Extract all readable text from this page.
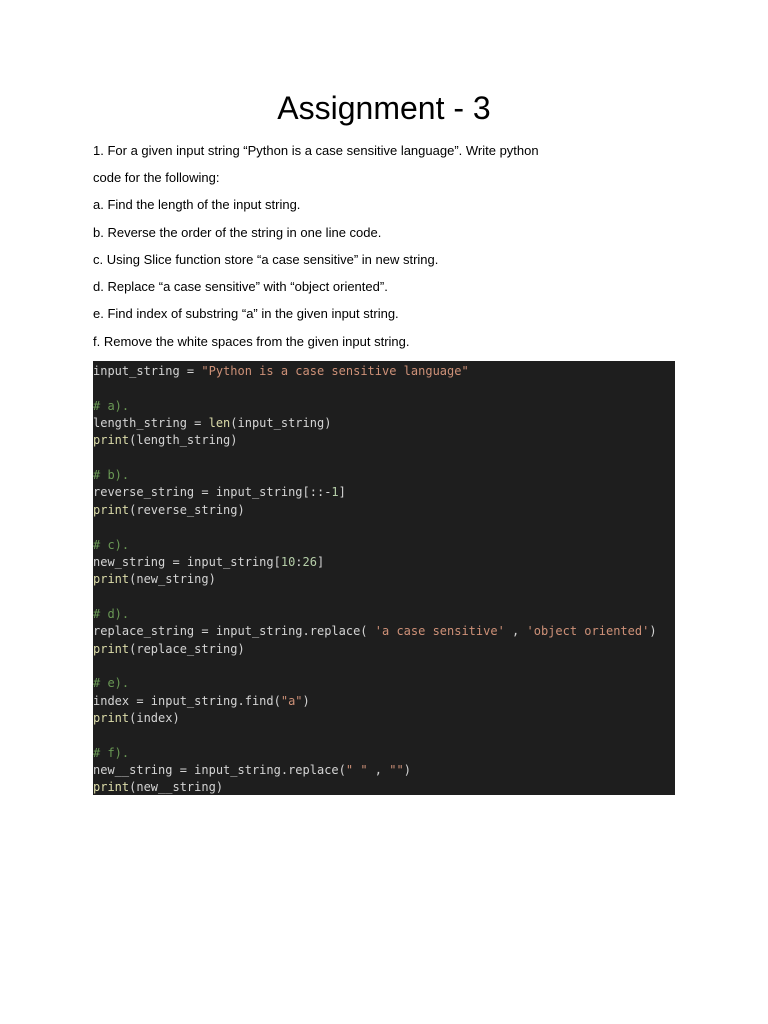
Assignment - 3
1. For a given input string “Python is a case sensitive language”. Write python
code for the following:
a. Find the length of the input string.
b. Reverse the order of the string in one line code.
c. Using Slice function store “a case sensitive” in new string.
d. Replace “a case sensitive” with “object oriented”.
e. Find index of substring “a” in the given input string.
f. Remove the white spaces from the given input string.
input_string = "Python is a case sensitive language"
# a).
length_string = len(input_string)
print(length_string)
# b).
reverse_string = input_string[::-1]
print(reverse_string)
# c).
new_string = input_string[10:26]
print(new_string)
# d).
replace_string = input_string.replace( 'a case sensitive' , 'object oriented')
print(replace_string)
# e).
index = input_string.find("a")
print(index)
# f).
new__string = input_string.replace(" " , "")
print(new__string)
